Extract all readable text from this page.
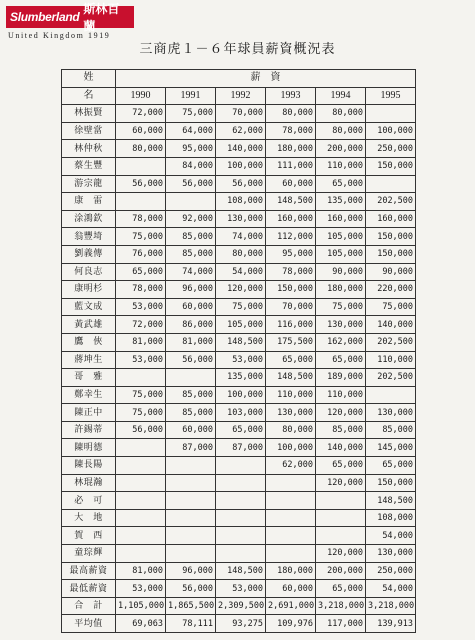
Slumberland
斯林百蘭
United Kingdom 1919
三商虎１－６年球員薪資概況表
姓	薪　資					
名	1990	1991	1992	1993	1994	1995
林振賢	72,000	75,000	70,000	80,000	80,000	
徐壁當	60,000	64,000	62,000	78,000	80,000	100,000
林仲秋	80,000	95,000	140,000	180,000	200,000	250,000
蔡生豐		84,000	100,000	111,000	110,000	150,000
游宗龍	56,000	56,000	56,000	60,000	65,000	
康　雷			108,000	148,500	135,000	202,500
涂鴻欽	78,000	92,000	130,000	160,000	160,000	160,000
翁豐埼	75,000	85,000	74,000	112,000	105,000	150,000
劉義傳	76,000	85,000	80,000	95,000	105,000	150,000
何良志	65,000	74,000	54,000	78,000	90,000	90,000
康明杉	78,000	96,000	120,000	150,000	180,000	220,000
藍文成	53,000	60,000	75,000	70,000	75,000	75,000
黃武雄	72,000	86,000	105,000	116,000	130,000	140,000
鷹　俠	81,000	81,000	148,500	175,500	162,000	202,500
蔣坤生	53,000	56,000	53,000	65,000	65,000	110,000
哥　雅			135,000	148,500	189,000	202,500
鄭幸生	75,000	85,000	100,000	110,000	110,000	
陳正中	75,000	85,000	103,000	130,000	120,000	130,000
許錫蒂	56,000	60,000	65,000	80,000	85,000	85,000
陳明德		87,000	87,000	100,000	140,000	145,000
陳長陽				62,000	65,000	65,000
林琨瀚					120,000	150,000
必　可						148,500
大　地						108,000
賀　西						54,000
童琮輝					120,000	130,000
最高薪資	81,000	96,000	148,500	180,000	200,000	250,000
最低薪資	53,000	56,000	53,000	60,000	65,000	54,000
合　計	1,105,000	1,865,500	2,309,500	2,691,000	3,218,000	3,218,000
平均值	69,063	78,111	93,275	109,976	117,000	139,913
